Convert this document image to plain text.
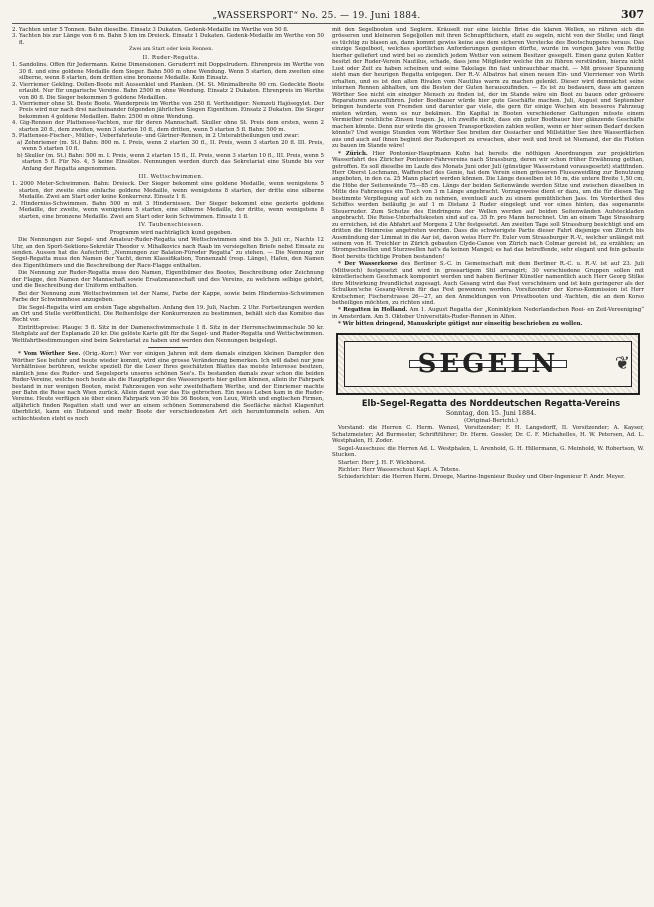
„WASSERSPORT“ No. 25. — 19. Juni 1884.	307

2. Yachten unter 5 Tonnen. Bahn dieselbe. Einsatz 3 Dukaten. Gedenk-Medaille im Werthe von 50 fl.

3. Yachten bis zur Länge von 6 m. Bahn 5 km im Dreieck. Einsatz 1 Dukaten. Gedenk-Medaille im Werthe von 50 fl.

Zwei am Start oder kein Rennen.

II. Ruder-Regatta.

1. Sandolins. Offen für Jedermann. Keine Dimensionen. Geruderrt mit Doppelrudern. Ehrenpreis im Werthe von 30 fl. und eine goldene Medaille dem Sieger. Bahn 500 m ohne Wendung. Wenn 5 starten, dem zweiten eine silberne, wenn 8 starten, dem dritten eine bronzene Medaille. Kein Einsatz.

2. Vierriemer Gekling. Dollen-Boote mit Aussenkiel und Planken. (M. St. Minimalbreite 90 cm. Gedeckte Boote erlaubt. Nur für ungarische Vereine. Bahn 2500 m ohne Wendung. Einsatz 2 Dukaten. Ehrenpreis im Werthe von 80 fl. Die Sieger bekommen 5 goldene Medaillen.

3. Vierriemer ohne St. Beste Boote. Wanderpreis im Werthe von 250 fl. Vertheidiger: Nemzeti Hajósegylet. Der Preis wird nur nach drei nacheinander folgenden jährlichen Siegen Eigenthum. Einsatz 2 Dukaten. Die Sieger bekommen 4 goldene Medaillen. Bahn: 2500 m ohne Wendung.

4. Gig-Rennen der Plattensee-Yachten, nur für deren Mannschaft. Skuller ohne St. Preis dem ersten, wenn 2 starten 20 fl., dem zweiten, wenn 3 starten 10 fl., dem dritten, wenn 5 starten 5 fl. Bahn: 500 m.

5. Plattensee-Fischer-, Müller-, Ueberfahrleute- und Gärtner-Rennen, in 2 Unterabtheilungen und zwar:

a) Zehnriemer (m. St.) Bahn: 800 m. I. Preis, wenn 2 starten 30 fl., II. Preis, wenn 3 starten 20 fl. III. Preis, wenn 5 starten 10 fl.

b) Skuller (m. St.) Bahn: 500 m. I. Preis, wenn 2 starten 15 fl., II. Preis, wenn 3 starten 10 fl., III. Preis, wenn 5 starten 5 fl. Für No. 4, 5 keine Einsätze. Nennungen werden durch das Sekretariat eine Stunde bis vor Anfang der Regatta angenommen.

III. Wettschwimmen.

1. 2000 Meter-Schwimmen. Bahn: Dreieck. Der Sieger bekommt eine goldene Medaille, wenn wenigstens 5 starten, der zweite eine einfache goldene Medaille, wenn wenigstens 8 starten, der dritte eine silberne Medaille. Zwei am Start oder keine Konkurrenz. Einsatz 1 fl.

2. Hinderniss-Schwimmen. Bahn 500 m mit 3 Hindernissen. Der Sieger bekommt eine gezierte goldene Medaille, der zweite, wenn wenigstens 5 starten, eine silberne Medaille, der dritte, wenn wenigstens 8 starten, eine bronzene Medaille. Zwei am Start oder kein Schwimmen. Einsatz 1 fl.

IV. Taubenschiessen.

Programm wird nachträglich kund gegeben.

Die Nennungen zur Segel- und Amateur-Ruder-Regatta und Wettschwimmen sind bis 5. Juli cr., Nachts 12 Uhr, an den Sport-Sektions-Sekretär Theodor v. Mihalkovics nach Raab im versiegelten Briefe nebst Einsatz zu senden. Aussen hat die Aufschrift: „Nennungen zur Balaton-Füreder Regatta“ zu stehen. — Die Nennung zur Segel-Regatta muss den Namen der Yacht, deren Klassifikation, Tonnenzahl (resp. Länge), Hafen, den Namen des Eigenthümers und die Beschreibung der Race-Flagge enthalten.

Die Nennung zur Ruder-Regatta muss den Namen, Eigenthümer des Bootes, Beschreibung oder Zeichnung der Flagge, den Namen der Mannschaft sowie Ersatzmannschaft und des Vereins, zu welchem selbige gehört, und die Beschreibung der Uniform enthalten.

Bei der Nennung zum Wettschwimmen ist der Name, Farbe der Kappe, sowie beim Hinderniss-Schwimmen Farbe der Schwimmhose anzugeben.

Die Segel-Regatta wird am ersten Tage abgehalten. Anfang den 19. Juli, Nachm. 2 Uhr. Fortsetzungen werden an Ort und Stelle veröffentlicht. Die Reihenfolge der Konkurrenzen zu bestimmen, behält sich das Komitee das Recht vor.

Eintrittspreise: Plauge: 5 fl. Sitz in der Damenschwimmschule 1 fl. Sitz in der Herrenschwimmschule 50 kr. Stehplatz auf der Esplanade 20 kr. Die gelöste Karte gilt für die Segel- und Ruder-Regatta und Wettschwimmen. Wettfahrtbestimmungen sind beim Sekretariat zu haben und werden den Nennungen beigelegt.

* Vom Wörther See. (Orig.-Korr.) Wer vor einigen Jahren mit dem damals einzigen kleinen Dampfer den Wörther See befuhr und heute wieder kommt, wird eine grosse Veränderung bemerken. Ich will dabei nur jene Verhältnisse berühren, welche speziell für die Leser Ihres geschätzten Blattes das meiste Interesse besitzen, nämlich jene des Ruder- und Segelsports unseres schönen See's. Es bestanden damals zwar schon die beiden Ruder-Vereine, welche noch heute als die Hauptpfleger des Wassersports hier gelten können, allein ihr Fahrpark bestand in nur wenigen Booten, meist Fahrzeugen von sehr zweifelhaftem Werthe, und der Einriemer machte per Bahn die Reise nach Wien zurück. Allein damit war das Eis gebrochen. Ein neues Leben kam in die Ruder-Vereine. Heute verfügen sie über einen Fahrpark von 30 bis 36 Booten, von Leux, Wirth und englischen Firmen, alljährlich finden Regatten statt und wer an einem schönen Sommerabend die Seefläche nächst Klagenfurt überblickt, kann ein Dutzend und mehr Boote der verschiedensten Art sich herumtummeln sehen. Am schlechtesten steht es noch

mit den Segelbooten und Seglern. Kräuselt nur eine leichte Brise die klaren Wellen, so rühren sich die grösseren und kleineren Segeljollen mit ihren Schnupftüchern, statt zu segeln, nicht von der Stelle; und fängt es tüchtig zu blasen an, dann kommt gewiss keine aus dem sicheren Verstecke des Bootschuppens heraus. Das einzige Segelboot, welches sportlichen Anforderungen genügen dürfte, wurde im vorigen Jahre von Rettig hierher geliefert und wird bei so ziemlich jedem Wetter von seinem Besitzer gesegelt. Einen ganz guten Kutter besitzt der Ruder-Verein Nautilus, schade, dass jene Mitglieder welche ihn zu führen verstünden, hierzu nicht Lust oder Zeit zu haben scheinen und seine Takelage ihn fast unbrauchbar macht. — Mit grosser Spannung sieht man der heurigen Regatta entgegen. Der R.-V. Albatros hat einen neuen Ein- und Vierriemer von Wirth erhalten, und es ist den alten Rivalen vom Nautilus warm zu machen gelenkt. Dieser wird demnächst seine internen Rennen abhalten, um die Besten der Guten herauszufinden. — Es ist zu bedauern, dass am ganzen Wörther See nicht ein einziger Mensch zu finden ist, der im Stande wäre ein Boot zu bauen oder grössere Reparaturen auszuführen. Jeder Bootbauer würde hier gute Geschäfte machen. Juli, August und September bringen hunderte von Fremden und darunter gar viele, die gern für einige Wochen ein besseres Fahrzeug mieten würden, wenn es nur bekämen. Ein Kapital in Booten verschiedener Gattungen müsste einem Vermiether reichliche Zinsen tragen. Ja, ich zweifle nicht, dass ein guter Bootbauer hier glänzende Geschäfte machen könnte. Denn nur würde die grossen Transportkosten zahlen wollen, wenn er hier seinen Bedarf decken könnte? Und wenige Stunden vom Wörther See breiten der Ossiacher und Millstätter See ihre Wasserflächen aus und auch auf ihnen beginnt der Rudersport zu erwachen, aber weit und breit ist Niemand, der die Flotten zu bauen im Stande wäre!

* Zürich. Hier Pontonier-Hauptmann Kuhn hat bereits die nöthigen Anordnungen zur projektirten Wasserfahrt des Züricher Pontonier-Fahrvereins nach Strassburg, deren wir schon früher Erwähnung gethan, getroffen. Es soll dieselbe im Laufe des Monats Juni oder Juli (günstiger Wasserstand vorausgesetzt) stattfinden. Herr Oberst Lochmann, Waffenchef des Genie, hat dem Verein einen grösseren Flusszweidling zur Benutzung angeboten, in den ca. 25 Mann placirt werden können. Die Länge desselben ist 16 m, die untere Breite 1,50 cm, die Höhe der Seitenwände 75—85 cm. Längs der beiden Seitenwände werden Sitze und zwischen dieselben in Mitte des Fahrzeuges ein Tisch von 3 m Länge angebracht. Vorzugsweise dient er dazu, um die für diesen Tag bestimmte Verpflegung auf sich zu nehmen, eventuell auch zu einem gemüthlichen Jass. Im Vordertheil des Schiffes werden beiläufig je auf 1 m Distanz 2 Ruder eingelegt und vor eines hinten, das sogenannte Steuerruder. Zum Schutze des Eindringens der Wellen werden auf beiden Seitenwänden Aufsteckladen angebracht. Die Reise-Unterhaltskosten sind auf ca. 35 fr. pro Mann berechnet. Um an einem Tage Strassburg zu erreichen, ist die Abfahrt auf Morgens 2 Uhr festgesetzt. Am zweiten Tage soll Strassburg besichtigt und am dritten die Heimreise angetreten werden. Dass die schwierigste Partie dieser Fahrt diejenige von Zürich bis Ausmündung der Limmat in die Aar ist, davon weiss Herr Fr. Euler vom Strassburger R.-V., welcher unlängst mit seinem von H. Treichler in Zürich gebauten Clyde-Canoe von Zürich nach Colmar gereist ist, zu erzählen; an Strompschnellen und Sturzwellen hat's da keinen Mangel; es hat das betreffende, sehr elegant und fein gebaute Boot bereits tüchtige Proben bestanden!

* Der Wasserkorso des Berliner S.-C. in Gemeinschaft mit dem Berliner R.-C. u. R.-V. ist auf 23. Juli (Mittwoch) festgesetzt und wird in grossartigem Stil arrangirt; 30 verschiedene Gruppen sollen mit künstlerischem Geschmack komponirt werden und haben Berliner Künstler namentlich auch Herr Georg Stilke ihre Mitwirkung freundlichst zugesagt. Auch Gesang wird das Fest verschönern und ist kein geringerer als der Schulken'sche Gesang-Verein für das Fest gewonnen worden. Vorsitzender der Korso-Kommission ist Herr Kretschmer, Fischerstrasse 26—27, an den Anmeldungen von Privatbooten und -Yachten, die an dem Korso betheiligen möchten, zu richten sind.

* Regatten in Holland. Am 1. August Regatta der „Koninklyken Nederlandschen Roei- en Zeil-Vereeniging“ in Amsterdam. Am 5. Oktober Universitäts-Ruder-Rennen in Alfen.

* Wir bitten dringend, Manuskripte gütigst nur einseitig beschrieben zu wollen.

SEGELN	❦

Elb-Segel-Regatta des Norddeutschen Regatta-Vereins

Sonntag, den 15. Juni 1884.

(Original-Bericht.)

Vorstand: die Herren C. Herm. Wenzel, Vorsitzender; F. H. Langsdorff, II. Vorsitzender; A. Kayser, Schatzmeister; Ad Burmester, Schriftführer; Dr. Herm. Gossler, Dr. C. F. Michahelles, H. W. Petersen, Ad. L. Westphalen, H. Zoder.

Segel-Ausschuss: die Herren Ad. L. Westphalen, L. Arenhold, G. H. Hillermann, G. Meinhold, W. Robertson, W. Stucken.

Starter: Herr J. H. F. Wichhorst.

Richter: Herr Wasserschout Kapt. A. Tetens.

Schiedsrichter: die Herren Herm. Droege, Marine-Ingenieur Busley und Ober-Ingenieur F. Andr. Meyer.
